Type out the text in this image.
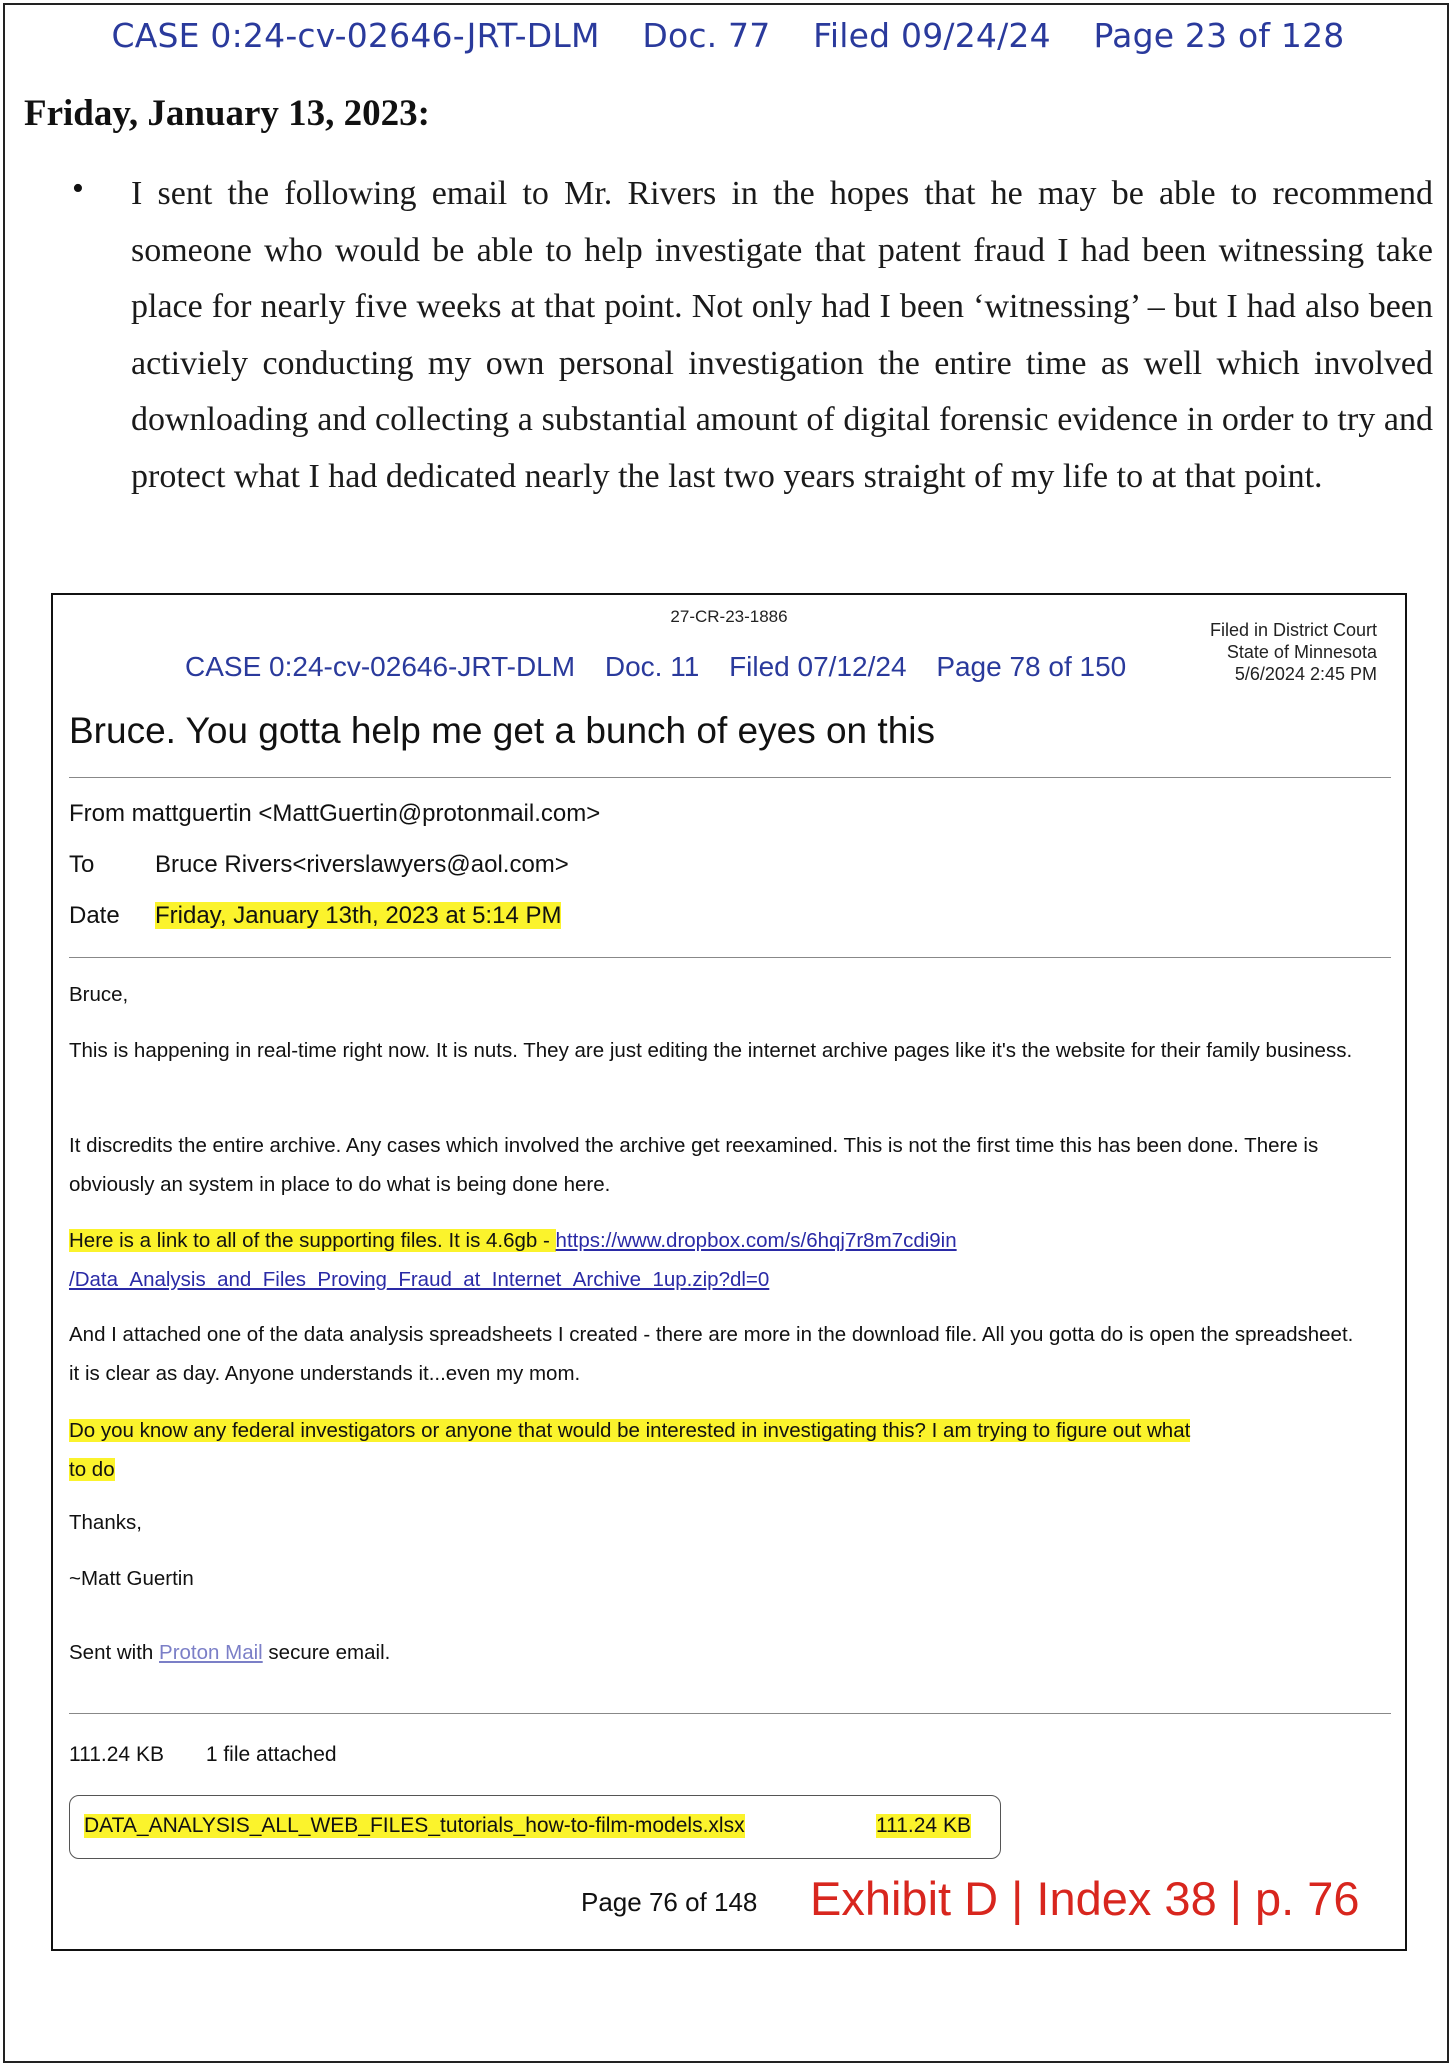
CASE 0:24-cv-02646-JRT-DLM Doc. 77 Filed 09/24/24 Page 23 of 128
Friday, January 13, 2023:
• I sent the following email to Mr. Rivers in the hopes that he may be able to recommend someone who would be able to help investigate that patent fraud I had been witnessing take place for nearly five weeks at that point. Not only had I been ‘witnessing’ – but I had also been activiely conducting my own personal investigation the entire time as well which involved downloading and collecting a substantial amount of digital forensic evidence in order to try and protect what I had dedicated nearly the last two years straight of my life to at that point.
27-CR-23-1886
Filed in District Court
State of Minnesota
5/6/2024 2:45 PM
CASE 0:24-cv-02646-JRT-DLM Doc. 11 Filed 07/12/24 Page 78 of 150
Bruce. You gotta help me get a bunch of eyes on this
From mattguertin <MattGuertin@protonmail.com>
To	Bruce Rivers<riverslawyers@aol.com>
Date Friday, January 13th, 2023 at 5:14 PM
Bruce,
This is happening in real-time right now. It is nuts. They are just editing the internet archive pages like it's the website for their family business.
It discredits the entire archive. Any cases which involved the archive get reexamined. This is not the first time this has been done. There is obviously an system in place to do what is being done here.
Here is a link to all of the supporting files. It is 4.6gb - https://www.dropbox.com/s/6hqj7r8m7cdi9in
/Data_Analysis_and_Files_Proving_Fraud_at_Internet_Archive_1up.zip?dl=0
And I attached one of the data analysis spreadsheets I created - there are more in the download file. All you gotta do is open the spreadsheet. it is clear as day. Anyone understands it...even my mom.
Do you know any federal investigators or anyone that would be interested in investigating this? I am trying to figure out what
to do
Thanks,
~Matt Guertin
Sent with Proton Mail secure email.
111.24 KB 1 file attached
DATA_ANALYSIS_ALL_WEB_FILES_tutorials_how-to-film-models.xlsx	111.24 KB
Page 76 of 148 Exhibit D | Index 38 | p. 76
